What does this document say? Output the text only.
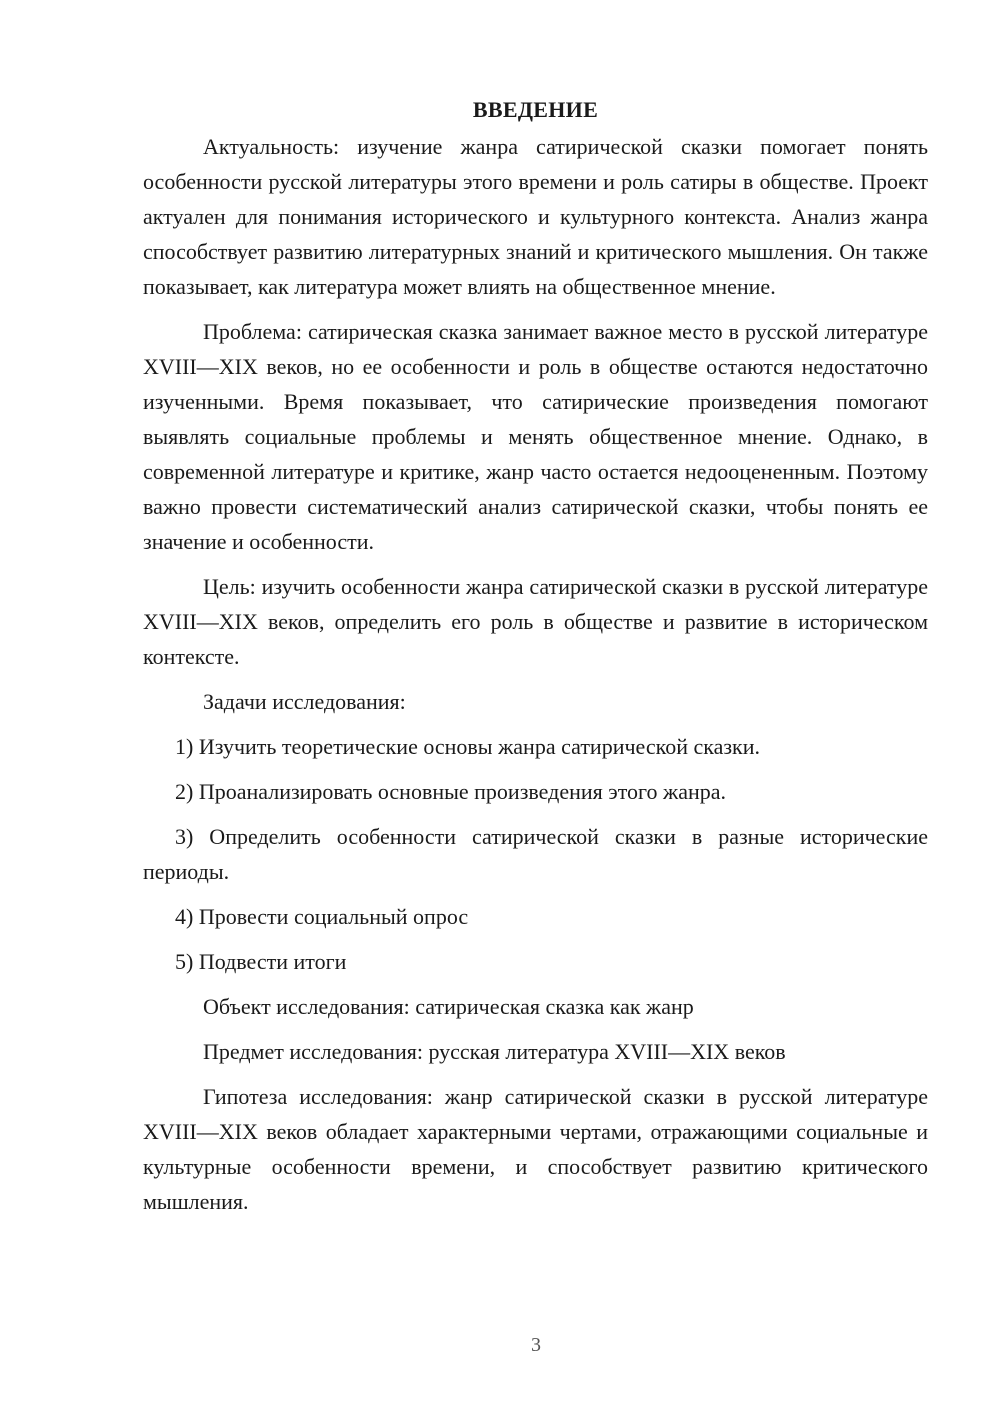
ВВЕДЕНИЕ

Актуальность: изучение жанра сатирической сказки помогает понять особенности русской литературы этого времени и роль сатиры в обществе. Проект актуален для понимания исторического и культурного контекста. Анализ жанра способствует развитию литературных знаний и критического мышления. Он также показывает, как литература может влиять на общественное мнение.

Проблема: сатирическая сказка занимает важное место в русской литературе XVIII—XIX веков, но ее особенности и роль в обществе остаются недостаточно изученными. Время показывает, что сатирические произведения помогают выявлять социальные проблемы и менять общественное мнение. Однако, в современной литературе и критике, жанр часто остается недооцененным. Поэтому важно провести систематический анализ сатирической сказки, чтобы понять ее значение и особенности.

Цель: изучить особенности жанра сатирической сказки в русской литературе XVIII—XIX веков, определить его роль в обществе и развитие в историческом контексте.

Задачи исследования:

1) Изучить теоретические основы жанра сатирической сказки.

2) Проанализировать основные произведения этого жанра.

3) Определить особенности сатирической сказки в разные исторические периоды.

4) Провести социальный опрос

5) Подвести итоги

Объект исследования: сатирическая сказка как жанр

Предмет исследования: русская литература XVIII—XIX веков

Гипотеза исследования: жанр сатирической сказки в русской литературе XVIII—XIX веков обладает характерными чертами, отражающими социальные и культурные особенности времени, и способствует развитию критического мышления.

3
